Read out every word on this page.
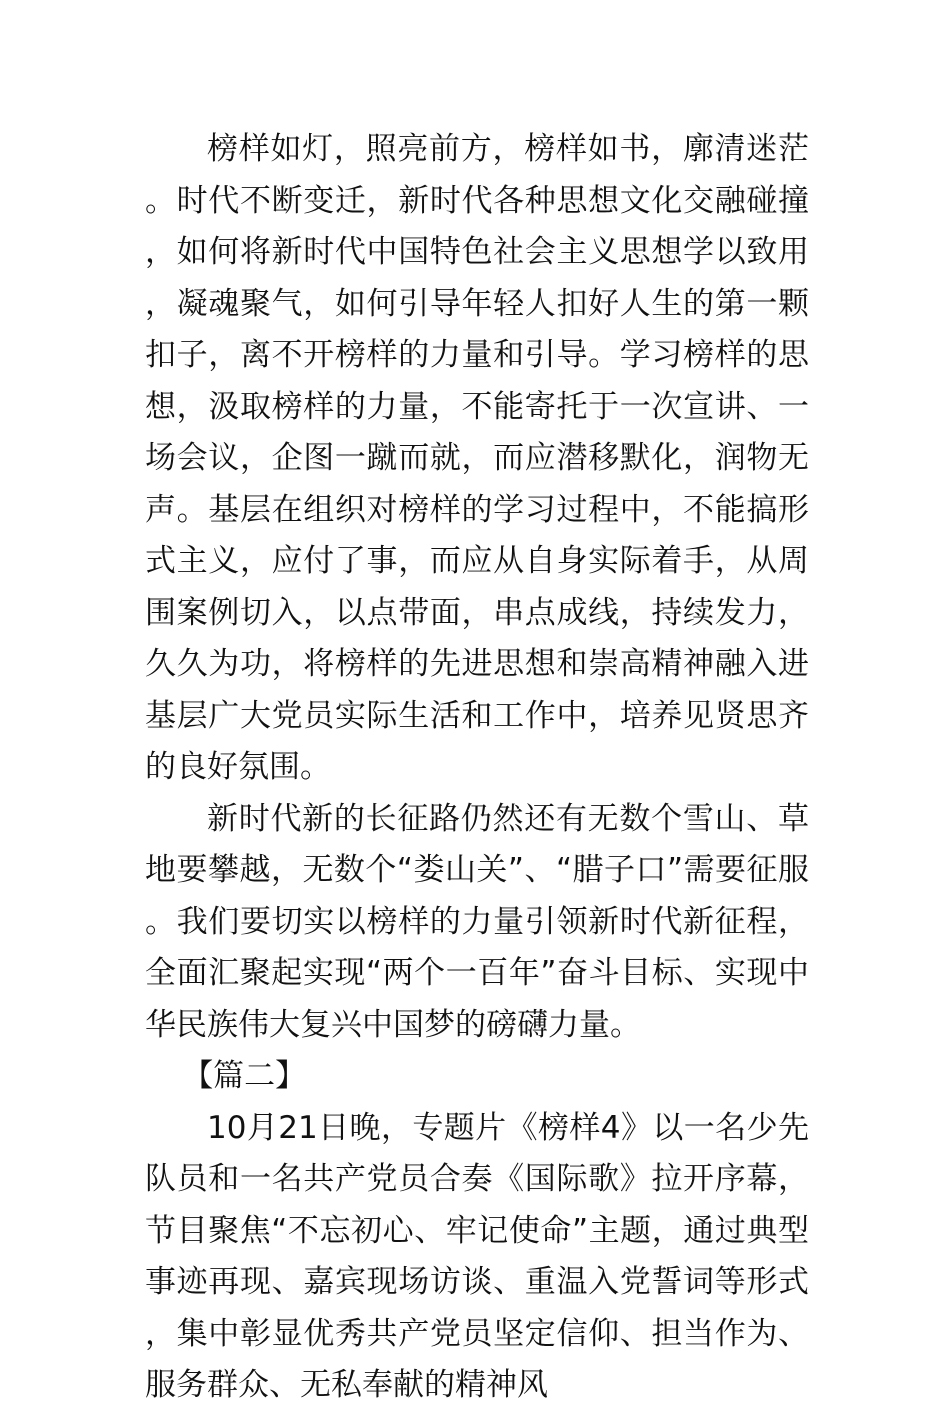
榜样如灯，照亮前方，榜样如书，廓清迷茫。时代不断变迁，新时代各种思想文化交融碰撞，如何将新时代中国特色社会主义思想学以致用，凝魂聚气，如何引导年轻人扣好人生的第一颗扣子，离不开榜样的力量和引导。学习榜样的思想，汲取榜样的力量，不能寄托于一次宣讲、一场会议，企图一蹴而就，而应潜移默化，润物无声。基层在组织对榜样的学习过程中，不能搞形式主义，应付了事，而应从自身实际着手，从周围案例切入，以点带面，串点成线，持续发力，久久为功，将榜样的先进思想和崇高精神融入进基层广大党员实际生活和工作中，培养见贤思齐的良好氛围。

新时代新的长征路仍然还有无数个雪山、草地要攀越，无数个“娄山关”、“腊子口”需要征服。我们要切实以榜样的力量引领新时代新征程，全面汇聚起实现“两个一百年”奋斗目标、实现中华民族伟大复兴中国梦的磅礴力量。

【篇二】

10月21日晚，专题片《榜样4》以一名少先队员和一名共产党员合奏《国际歌》拉开序幕，节目聚焦“不忘初心、牢记使命”主题，通过典型事迹再现、嘉宾现场访谈、重温入党誓词等形式，集中彰显优秀共产党员坚定信仰、担当作为、服务群众、无私奉献的精神风
